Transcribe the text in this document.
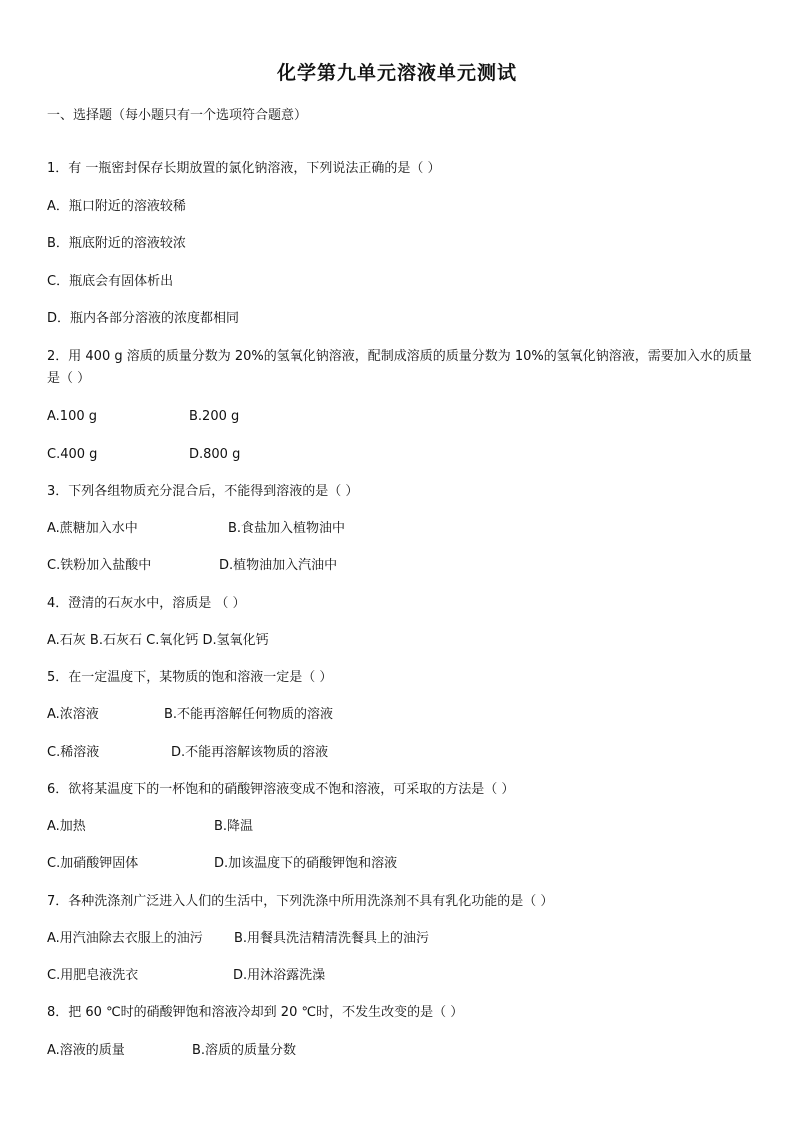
化学第九单元溶液单元测试
一、选择题（每小题只有一个选项符合题意）
1．有 一瓶密封保存长期放置的氯化钠溶液，下列说法正确的是（ ）
A．瓶口附近的溶液较稀
B．瓶底附近的溶液较浓
C．瓶底会有固体析出
D．瓶内各部分溶液的浓度都相同
2．用 400 g 溶质的质量分数为 20%的氢氧化钠溶液，配制成溶质的质量分数为 10%的氢氧化钠溶液，需要加入水的质量是（ ）
A.100 g	B.200 g
C.400 g	D.800 g
3．下列各组物质充分混合后，不能得到溶液的是（ ）
A.蔗糖加入水中	B.食盐加入植物油中
C.铁粉加入盐酸中	D.植物油加入汽油中
4．澄清的石灰水中，溶质是 （ ）
A.石灰 B.石灰石 C.氧化钙 D.氢氧化钙
5．在一定温度下，某物质的饱和溶液一定是（ ）
A.浓溶液	B.不能再溶解任何物质的溶液
C.稀溶液	D.不能再溶解该物质的溶液
6．欲将某温度下的一杯饱和的硝酸钾溶液变成不饱和溶液，可采取的方法是（ ）
A.加热	B.降温
C.加硝酸钾固体	D.加该温度下的硝酸钾饱和溶液
7．各种洗涤剂广泛进入人们的生活中，下列洗涤中所用洗涤剂不具有乳化功能的是（ ）
A.用汽油除去衣服上的油污 B.用餐具洗洁精清洗餐具上的油污
C.用肥皂液洗衣	D.用沐浴露洗澡
8．把 60 ℃时的硝酸钾饱和溶液冷却到 20 ℃时，不发生改变的是（ ）
A.溶液的质量	B.溶质的质量分数
